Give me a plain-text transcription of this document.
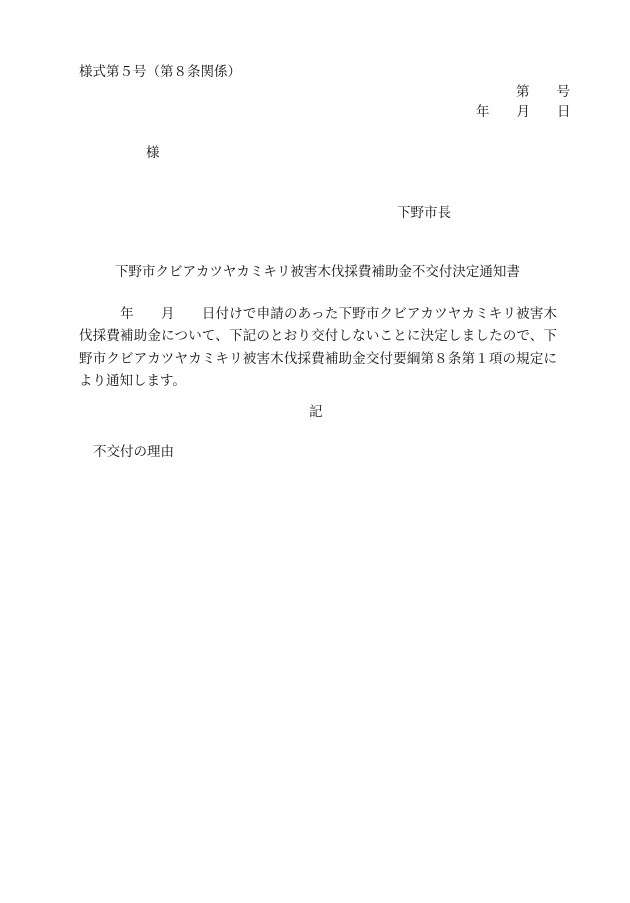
様式第５号（第８条関係）
第 号
年 月 日
様
下野市長
下野市クビアカツヤカミキリ被害木伐採費補助金不交付決定通知書
年 月 日付けで申請のあった下野市クビアカツヤカミキリ被害木
伐採費補助金について、下記のとおり交付しないことに決定しましたので、下
野市クビアカツヤカミキリ被害木伐採費補助金交付要綱第８条第１項の規定に
より通知します。
記
不交付の理由
